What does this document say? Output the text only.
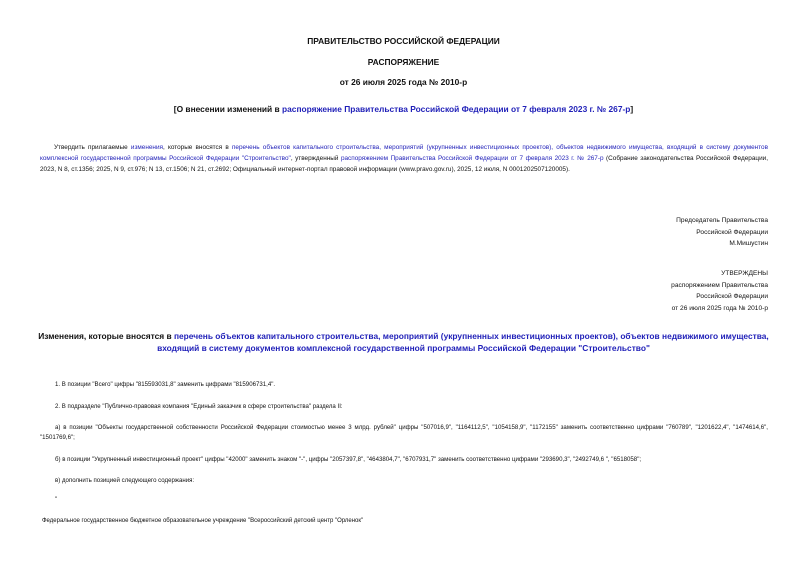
ПРАВИТЕЛЬСТВО РОССИЙСКОЙ ФЕДЕРАЦИИ
РАСПОРЯЖЕНИЕ
от 26 июля 2025 года № 2010-р
[О внесении изменений в распоряжение Правительства Российской Федерации от 7 февраля 2023 г. № 267-р]
Утвердить прилагаемые изменения, которые вносятся в перечень объектов капитального строительства, мероприятий (укрупненных инвестиционных проектов), объектов недвижимого имущества, входящий в систему документов комплексной государственной программы Российской Федерации "Строительство", утвержденный распоряжением Правительства Российской Федерации от 7 февраля 2023 г. № 267-р (Собрание законодательства Российской Федерации, 2023, N 8, ст.1356; 2025, N 9, ст.976; N 13, ст.1506; N 21, ст.2692; Официальный интернет-портал правовой информации (www.pravo.gov.ru), 2025, 12 июля, N 0001202507120005).
Председатель Правительства
Российской Федерации
М.Мишустин
УТВЕРЖДЕНЫ
распоряжением Правительства
Российской Федерации
от 26 июля 2025 года № 2010-р
Изменения, которые вносятся в перечень объектов капитального строительства, мероприятий (укрупненных инвестиционных проектов), объектов недвижимого имущества, входящий в систему документов комплексной государственной программы Российской Федерации "Строительство"
1. В позиции "Всего" цифры "815593031,8" заменить цифрами "815906731,4".
2. В подразделе "Публично-правовая компания "Единый заказчик в сфере строительства" раздела II:
а) в позиции "Объекты государственной собственности Российской Федерации стоимостью менее 3 млрд. рублей" цифры "507016,9", "1164112,5", "1054158,9", "1172155" заменить соответственно цифрами "760789", "1201622,4", "1474614,6", "1501769,6";
б) в позиции "Укрупненный инвестиционный проект" цифры "42000" заменить знаком "-", цифры "2057397,8", "4643804,7", "6707931,7" заменить соответственно цифрами "293690,3", "2492749,6 ", "6518058";
в) дополнить позицией следующего содержания:
"
Федеральное государственное бюджетное образовательное учреждение "Всероссийский детский центр "Орленок"
